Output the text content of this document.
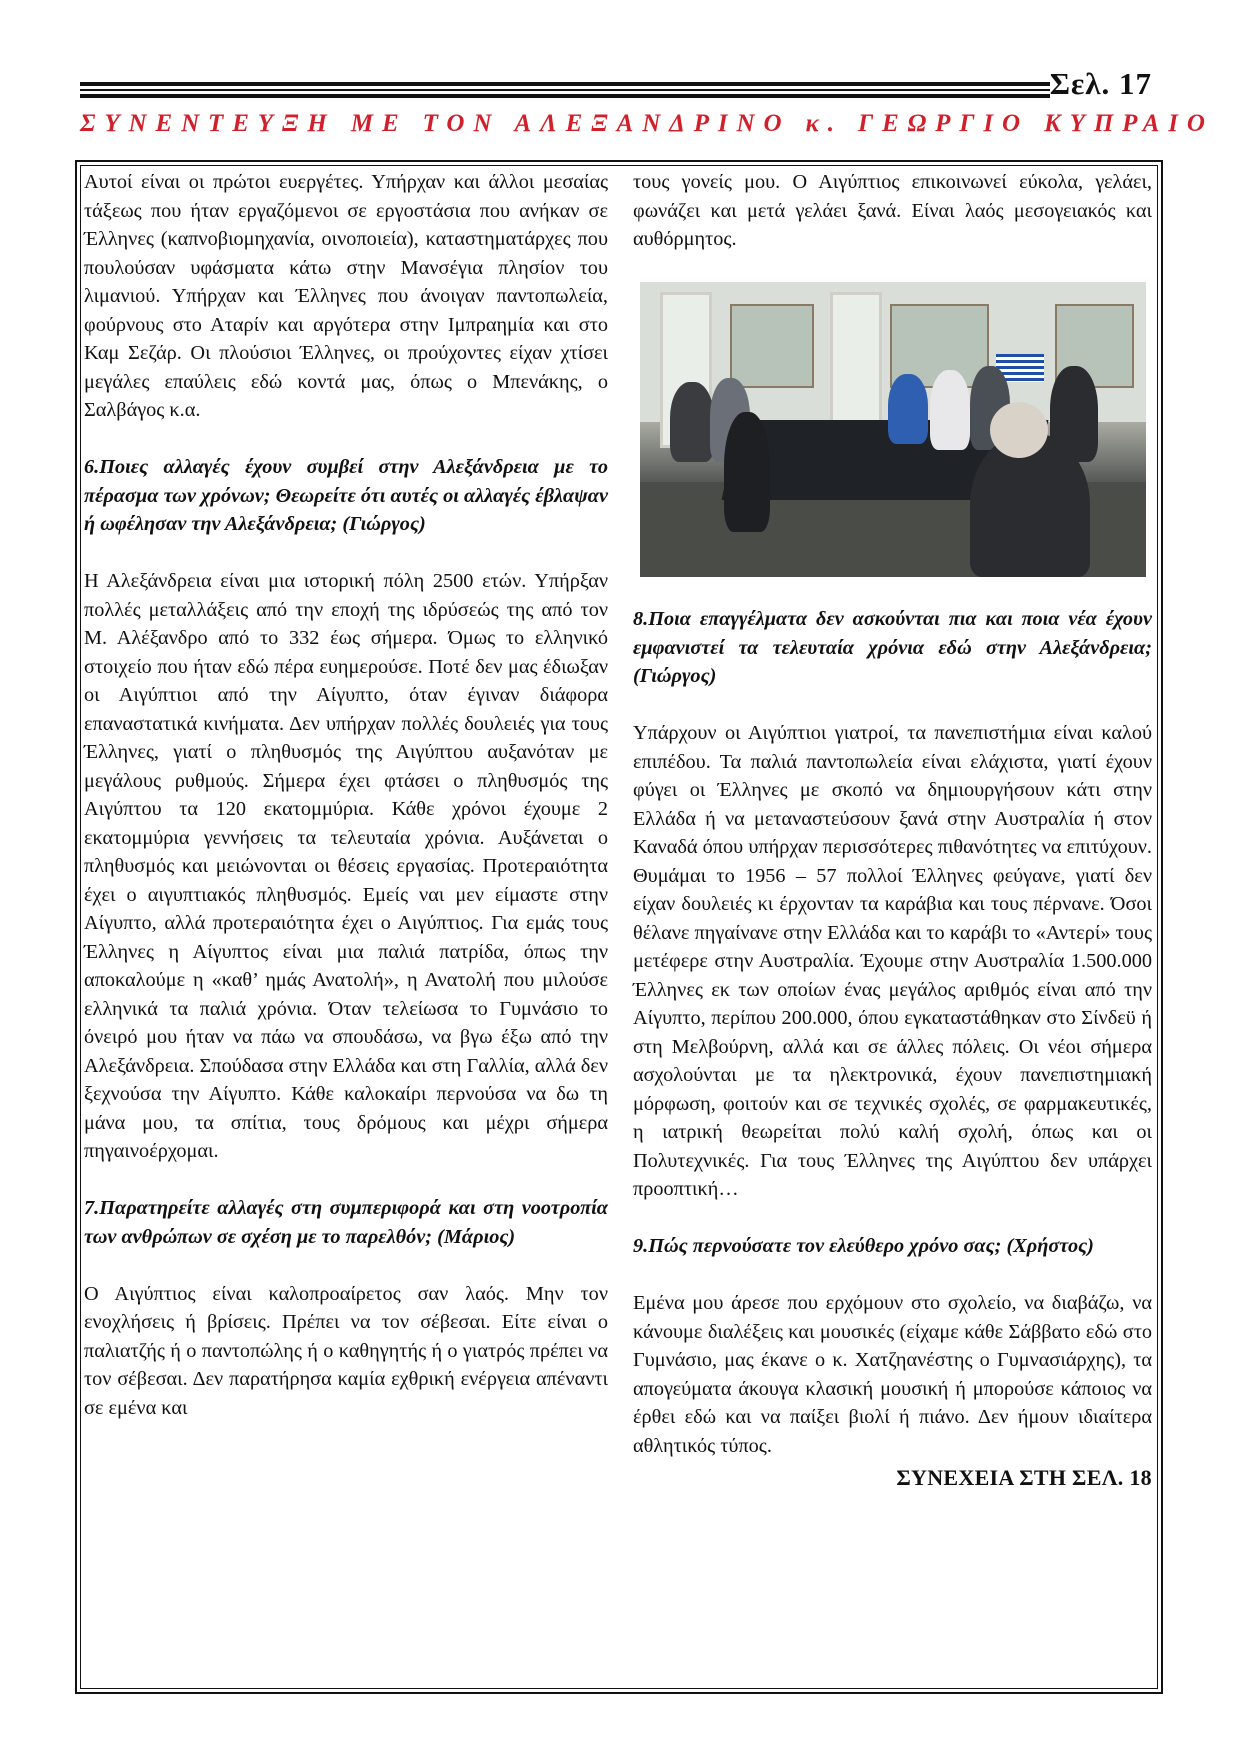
Σελ. 17
ΣΥΝΕΝΤΕΥΞΗ ΜΕ ΤΟΝ ΑΛΕΞΑΝΔΡΙΝΟ κ. ΓΕΩΡΓΙΟ ΚΥΠΡΑΙΟ

Αυτοί είναι οι πρώτοι ευεργέτες. Υπήρχαν και άλλοι μεσαίας τάξεως που ήταν εργαζόμενοι σε εργοστάσια που ανήκαν σε Έλληνες (καπνοβιομηχανία, οινοποιεία), καταστηματάρχες που πουλούσαν υφάσματα κάτω στην Μανσέγια πλησίον του λιμανιού. Υπήρχαν και Έλληνες που άνοιγαν παντοπωλεία, φούρνους στο Αταρίν και αργότερα στην Ιμπραημία και στο Καμ Σεζάρ. Οι πλούσιοι Έλληνες, οι προύχοντες είχαν χτίσει μεγάλες επαύλεις εδώ κοντά μας, όπως ο Μπενάκης, ο Σαλβάγος κ.α.

6.Ποιες αλλαγές έχουν συμβεί στην Αλεξάνδρεια με το πέρασμα των χρόνων; Θεωρείτε ότι αυτές οι αλλαγές έβλαψαν ή ωφέλησαν την Αλεξάνδρεια; (Γιώργος)

Η Αλεξάνδρεια είναι μια ιστορική πόλη 2500 ετών. Υπήρξαν πολλές μεταλλάξεις από την εποχή της ιδρύσεώς της από τον Μ. Αλέξανδρο από το 332 έως σήμερα. Όμως το ελληνικό στοιχείο που ήταν εδώ πέρα ευημερούσε. Ποτέ δεν μας έδιωξαν οι Αιγύπτιοι από την Αίγυπτο, όταν έγιναν διάφορα επαναστατικά κινήματα. Δεν υπήρχαν πολλές δουλειές για τους Έλληνες, γιατί ο πληθυσμός της Αιγύπτου αυξανόταν με μεγάλους ρυθμούς. Σήμερα έχει φτάσει ο πληθυσμός της Αιγύπτου τα 120 εκατομμύρια. Κάθε χρόνοι έχουμε 2 εκατομμύρια γεννήσεις τα τελευταία χρόνια. Αυξάνεται ο πληθυσμός και μειώνονται οι θέσεις εργασίας. Προτεραιότητα έχει ο αιγυπτιακός πληθυσμός. Εμείς ναι μεν είμαστε στην Αίγυπτο, αλλά προτεραιότητα έχει ο Αιγύπτιος. Για εμάς τους Έλληνες η Αίγυπτος είναι μια παλιά πατρίδα, όπως την αποκαλούμε η «καθ’ ημάς Ανατολή», η Ανατολή που μιλούσε ελληνικά τα παλιά χρόνια. Όταν τελείωσα το Γυμνάσιο το όνειρό μου ήταν να πάω να σπουδάσω, να βγω έξω από την Αλεξάνδρεια. Σπούδασα στην Ελλάδα και στη Γαλλία, αλλά δεν ξεχνούσα την Αίγυπτο. Κάθε καλοκαίρι περνούσα να δω τη μάνα μου, τα σπίτια, τους δρόμους και μέχρι σήμερα πηγαινοέρχομαι.

7.Παρατηρείτε αλλαγές στη συμπεριφορά και στη νοοτροπία των ανθρώπων σε σχέση με το παρελθόν; (Μάριος)

Ο Αιγύπτιος είναι καλοπροαίρετος σαν λαός. Μην τον ενοχλήσεις ή βρίσεις. Πρέπει να τον σέβεσαι. Είτε είναι ο παλιατζής ή ο παντοπώλης ή ο καθηγητής ή ο γιατρός πρέπει να τον σέβεσαι. Δεν παρατήρησα καμία εχθρική ενέργεια απέναντι σε εμένα και

τους γονείς μου. Ο Αιγύπτιος επικοινωνεί εύκολα, γελάει, φωνάζει και μετά γελάει ξανά. Είναι λαός μεσογειακός και αυθόρμητος.

8.Ποια επαγγέλματα δεν ασκούνται πια και ποια νέα έχουν εμφανιστεί τα τελευταία χρόνια εδώ στην Αλεξάνδρεια; (Γιώργος)

Υπάρχουν οι Αιγύπτιοι γιατροί, τα πανεπιστήμια είναι καλού επιπέδου. Τα παλιά παντοπωλεία είναι ελάχιστα, γιατί έχουν φύγει οι Έλληνες με σκοπό να δημιουργήσουν κάτι στην Ελλάδα ή να μεταναστεύσουν ξανά στην Αυστραλία ή στον Καναδά όπου υπήρχαν περισσότερες πιθανότητες να επιτύχουν. Θυμάμαι το 1956 – 57 πολλοί Έλληνες φεύγανε, γιατί δεν είχαν δουλειές κι έρχονταν τα καράβια και τους πέρνανε. Όσοι θέλανε πηγαίνανε στην Ελλάδα και το καράβι το «Αντερί» τους μετέφερε στην Αυστραλία. Έχουμε στην Αυστραλία 1.500.000 Έλληνες εκ των οποίων ένας μεγάλος αριθμός είναι από την Αίγυπτο, περίπου 200.000, όπου εγκαταστάθηκαν στο Σίνδεϋ ή στη Μελβούρνη, αλλά και σε άλλες πόλεις. Οι νέοι σήμερα ασχολούνται με τα ηλεκτρονικά, έχουν πανεπιστημιακή μόρφωση, φοιτούν και σε τεχνικές σχολές, σε φαρμακευτικές, η ιατρική θεωρείται πολύ καλή σχολή, όπως και οι Πολυτεχνικές. Για τους Έλληνες της Αιγύπτου δεν υπάρχει προοπτική…

9.Πώς περνούσατε τον ελεύθερο χρόνο σας; (Χρήστος)

Εμένα μου άρεσε που ερχόμουν στο σχολείο, να διαβάζω, να κάνουμε διαλέξεις και μουσικές (είχαμε κάθε Σάββατο εδώ στο Γυμνάσιο, μας έκανε ο κ. Χατζηανέστης ο Γυμνασιάρχης), τα απογεύματα άκουγα κλασική μουσική ή μπορούσε κάποιος να έρθει εδώ και να παίξει βιολί ή πιάνο. Δεν ήμουν ιδιαίτερα αθλητικός τύπος.

ΣΥΝΕΧΕΙΑ ΣΤΗ ΣΕΛ. 18
